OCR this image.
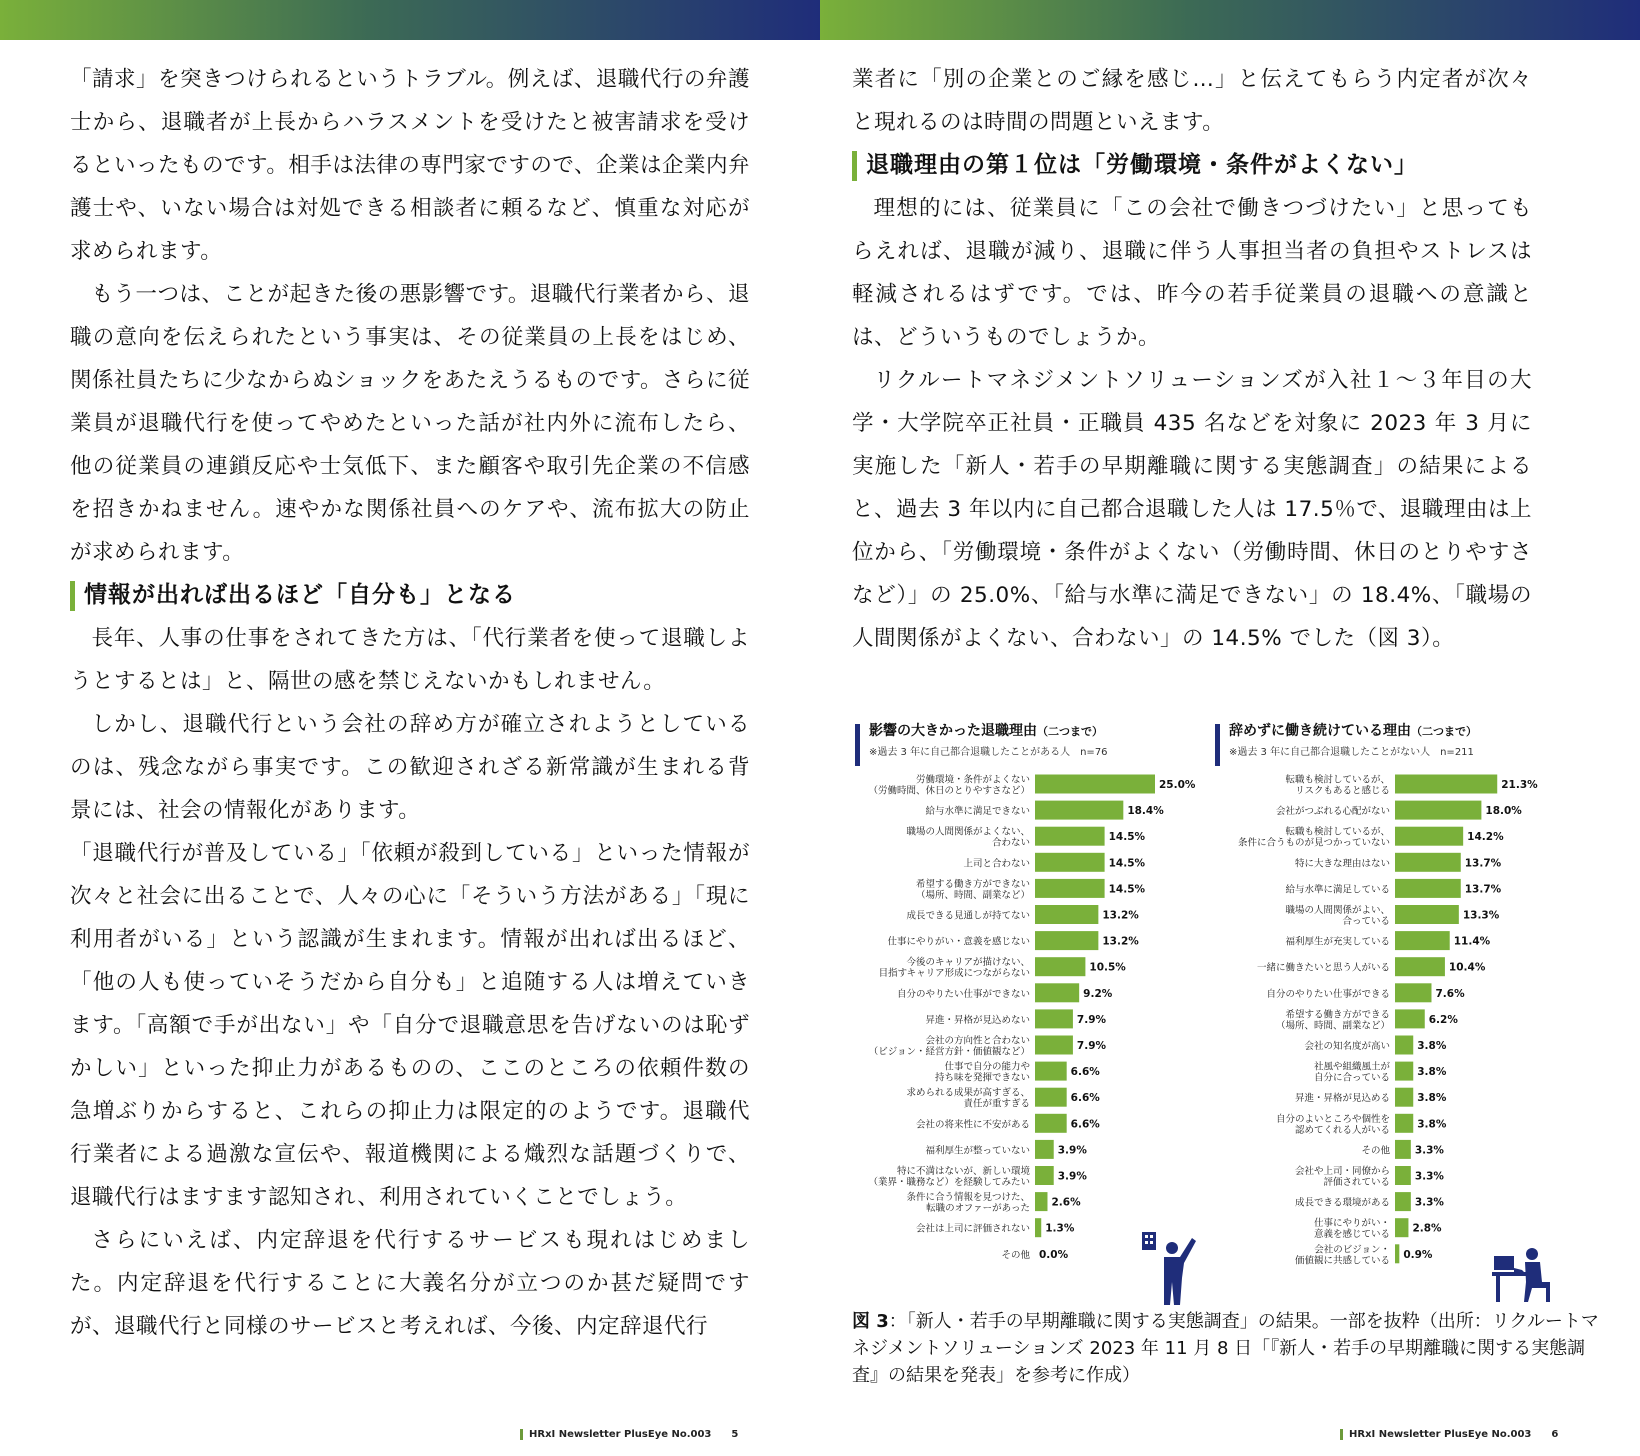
「請求」を突きつけられるというトラブル。例えば、退職代行の弁護士から、退職者が上長からハラスメントを受けたと被害請求を受けるといったものです。相手は法律の専門家ですので、企業は企業内弁護士や、いない場合は対処できる相談者に頼るなど、慎重な対応が求められます。

もう一つは、ことが起きた後の悪影響です。退職代行業者から、退職の意向を伝えられたという事実は、その従業員の上長をはじめ、関係社員たちに少なからぬショックをあたえうるものです。さらに従業員が退職代行を使ってやめたといった話が社内外に流布したら、他の従業員の連鎖反応や士気低下、また顧客や取引先企業の不信感を招きかねません。速やかな関係社員へのケアや、流布拡大の防止が求められます。

情報が出れば出るほど「自分も」となる

長年、人事の仕事をされてきた方は、「代行業者を使って退職しようとするとは」と、隔世の感を禁じえないかもしれません。

しかし、退職代行という会社の辞め方が確立されようとしているのは、残念ながら事実です。この歓迎されざる新常識が生まれる背景には、社会の情報化があります。

「退職代行が普及している」「依頼が殺到している」といった情報が次々と社会に出ることで、人々の心に「そういう方法がある」「現に利用者がいる」という認識が生まれます。情報が出れば出るほど、「他の人も使っていそうだから自分も」と追随する人は増えていきます。「高額で手が出ない」や「自分で退職意思を告げないのは恥ずかしい」といった抑止力があるものの、ここのところの依頼件数の急増ぶりからすると、これらの抑止力は限定的のようです。退職代行業者による過激な宣伝や、報道機関による熾烈な話題づくりで、退職代行はますます認知され、利用されていくことでしょう。

さらにいえば、内定辞退を代行するサービスも現れはじめました。内定辞退を代行することに大義名分が立つのか甚だ疑問ですが、退職代行と同様のサービスと考えれば、今後、内定辞退代行

HRxI Newsletter PlusEye No.003 5

業者に「別の企業とのご縁を感じ…」と伝えてもらう内定者が次々と現れるのは時間の問題といえます。

退職理由の第１位は「労働環境・条件がよくない」

理想的には、従業員に「この会社で働きつづけたい」と思ってもらえれば、退職が減り、退職に伴う人事担当者の負担やストレスは軽減されるはずです。では、昨今の若手従業員の退職への意識とは、どういうものでしょうか。

リクルートマネジメントソリューションズが入社１〜３年目の大学・大学院卒正社員・正職員 435 名などを対象に 2023 年 3 月に実施した「新人・若手の早期離職に関する実態調査」の結果によると、過去 3 年以内に自己都合退職した人は 17.5％で、退職理由は上位から、「労働環境・条件がよくない（労働時間、休日のとりやすさなど）」の 25.0%、「給与水準に満足できない」の 18.4%、「職場の人間関係がよくない、合わない」の 14.5% でした（図 3）。

影響の大きかった退職理由（二つまで）
※過去 3 年に自己都合退職したことがある人　n=76
労働環境・条件がよくない
（労働時間、休日のとりやすさなど）	25.0%
給与水準に満足できない	18.4%
職場の人間関係がよくない、
合わない	14.5%
上司と合わない	14.5%
希望する働き方ができない
（場所、時間、副業など）	14.5%
成長できる見通しが持てない	13.2%
仕事にやりがい・意義を感じない	13.2%
今後のキャリアが描けない、
目指すキャリア形成につながらない	10.5%
自分のやりたい仕事ができない	9.2%
昇進・昇格が見込めない	7.9%
会社の方向性と合わない
（ビジョン・経営方針・価値観など）	7.9%
仕事で自分の能力や
持ち味を発揮できない	6.6%
求められる成果が高すぎる、
責任が重すぎる	6.6%
会社の将来性に不安がある	6.6%
福利厚生が整っていない	3.9%
特に不満はないが、新しい環境
（業界・職務など）を経験してみたい	3.9%
条件に合う情報を見つけた、
転職のオファーがあった 2.6%
会社は上司に評価されない 1.3%
その他 0.0%
辞めずに働き続けている理由（二つまで）
※過去 3 年に自己都合退職したことがない人　n=211
転職も検討しているが、
リスクもあると感じる	21.3%
会社がつぶれる心配がない	18.0%
転職も検討しているが、
条件に合うものが見つかっていない	14.2%
特に大きな理由はない	13.7%
給与水準に満足している	13.7%
職場の人間関係がよい、
合っている	13.3%
福利厚生が充実している	11.4%
一緒に働きたいと思う人がいる	10.4%
自分のやりたい仕事ができる	7.6%
希望する働き方ができる
（場所、時間、副業など）	6.2%
会社の知名度が高い	3.8%
社風や組織風土が
自分に合っている	3.8%
昇進・昇格が見込める	3.8%
自分のよいところや個性を
認めてくれる人がいる	3.8%
その他 3.3%
会社や上司・同僚から
評価されている 3.3%
成長できる環境がある 3.3%
仕事にやりがい・
意義を感じている 2.8%
会社のビジョン・
価値観に共感している 0.9%
図 3：「新人・若手の早期離職に関する実態調査」の結果。一部を抜粋（出所：リクルートマネジメントソリューションズ 2023 年 11 月 8 日「『新人・若手の早期離職に関する実態調査』の結果を発表」を参考に作成）
HRxI Newsletter PlusEye No.003 6
